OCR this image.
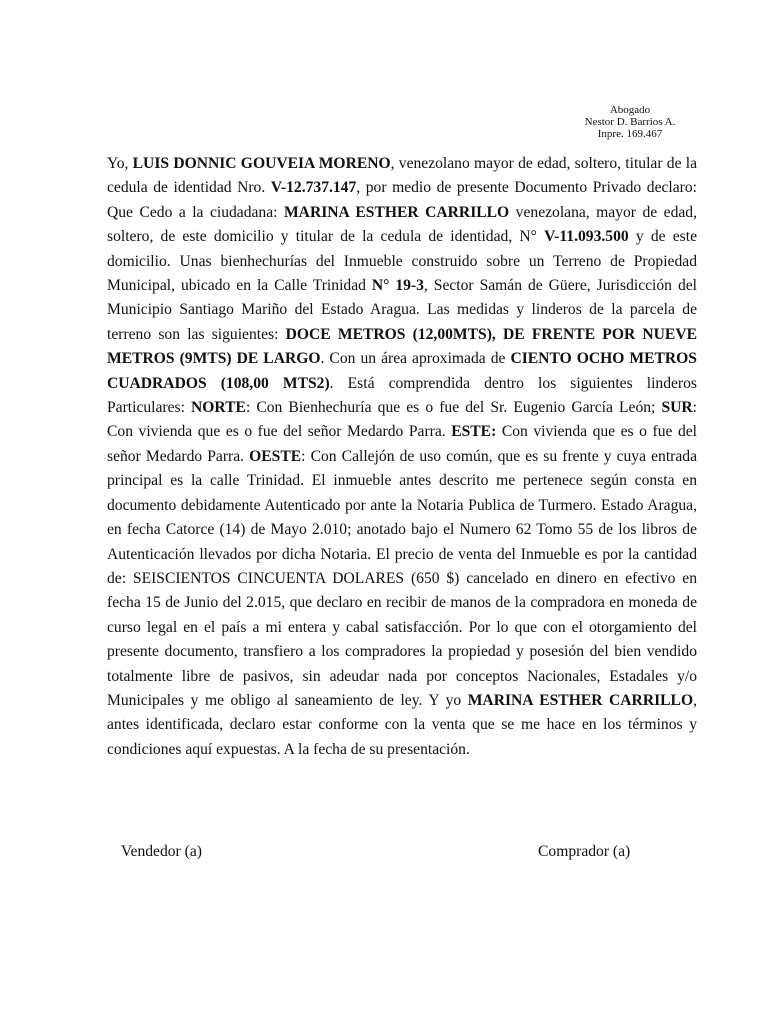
Abogado
Nestor D. Barrios A.
Inpre. 169.467

Yo, LUIS DONNIC GOUVEIA MORENO, venezolano mayor de edad, soltero, titular de la cedula de identidad Nro. V-12.737.147, por medio de presente Documento Privado declaro: Que Cedo a la ciudadana: MARINA ESTHER CARRILLO venezolana, mayor de edad, soltero, de este domicilio y titular de la cedula de identidad, N° V-11.093.500 y de este domicilio. Unas bienhechurías del Inmueble construido sobre un Terreno de Propiedad Municipal, ubicado en la Calle Trinidad N° 19-3, Sector Samán de Güere, Jurisdicción del Municipio Santiago Mariño del Estado Aragua. Las medidas y linderos de la parcela de terreno son las siguientes: DOCE METROS (12,00MTS), DE FRENTE POR NUEVE METROS (9MTS) DE LARGO. Con un área aproximada de CIENTO OCHO METROS CUADRADOS (108,00 MTS2). Está comprendida dentro los siguientes linderos Particulares: NORTE: Con Bienhechuría que es o fue del Sr. Eugenio García León; SUR: Con vivienda que es o fue del señor Medardo Parra. ESTE: Con vivienda que es o fue del señor Medardo Parra. OESTE: Con Callejón de uso común, que es su frente y cuya entrada principal es la calle Trinidad. El inmueble antes descrito me pertenece según consta en documento debidamente Autenticado por ante la Notaria Publica de Turmero. Estado Aragua, en fecha Catorce (14) de Mayo 2.010; anotado bajo el Numero 62 Tomo 55 de los libros de Autenticación llevados por dicha Notaria. El precio de venta del Inmueble es por la cantidad de: SEISCIENTOS CINCUENTA DOLARES (650 $) cancelado en dinero en efectivo en fecha 15 de Junio del 2.015, que declaro en recibir de manos de la compradora en moneda de curso legal en el país a mi entera y cabal satisfacción. Por lo que con el otorgamiento del presente documento, transfiero a los compradores la propiedad y posesión del bien vendido totalmente libre de pasivos, sin adeudar nada por conceptos Nacionales, Estadales y/o Municipales y me obligo al saneamiento de ley. Y yo MARINA ESTHER CARRILLO, antes identificada, declaro estar conforme con la venta que se me hace en los términos y condiciones aquí expuestas. A la fecha de su presentación.

Vendedor (a)	Comprador (a)
